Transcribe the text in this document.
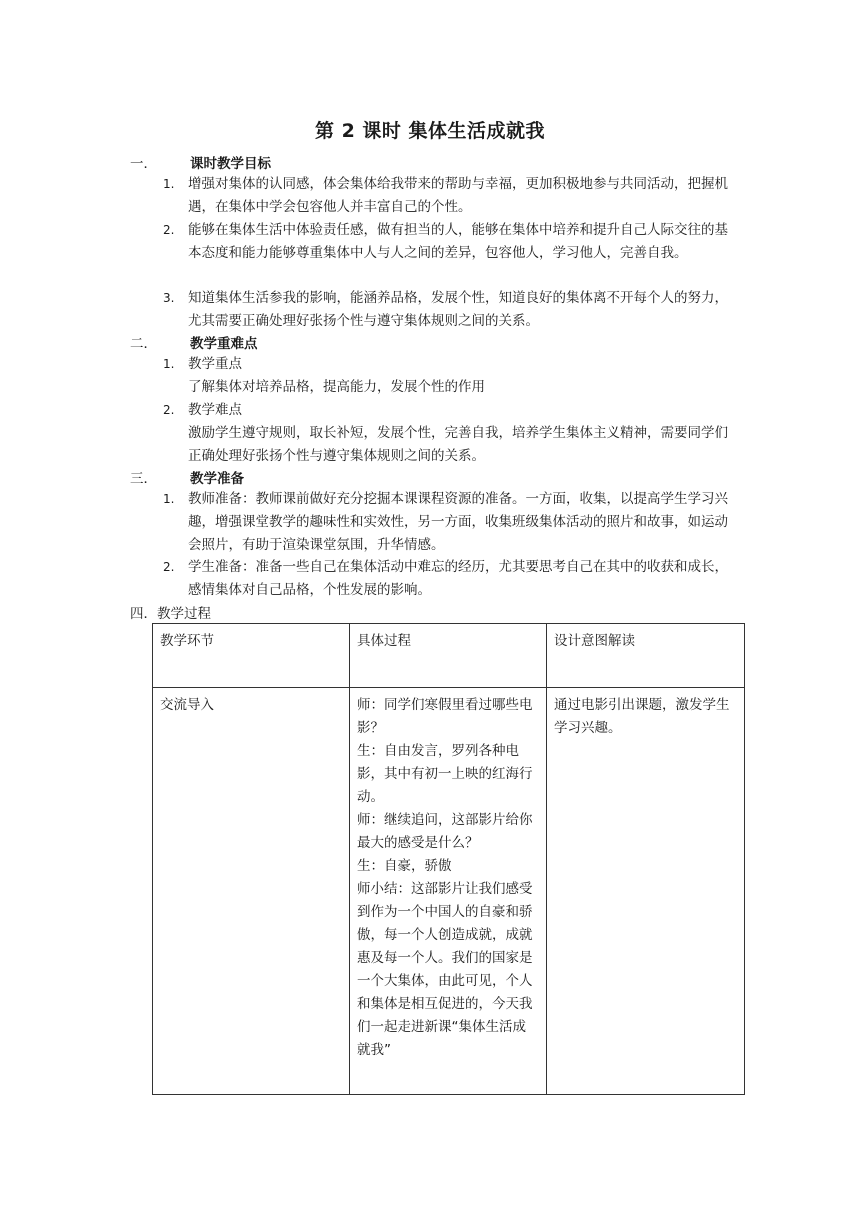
第 2 课时 集体生活成就我
一． 课时教学目标
1. 增强对集体的认同感，体会集体给我带来的帮助与幸福，更加积极地参与共同活动，把握机遇，在集体中学会包容他人并丰富自己的个性。
2. 能够在集体生活中体验责任感，做有担当的人，能够在集体中培养和提升自己人际交往的基本态度和能力能够尊重集体中人与人之间的差异，包容他人，学习他人，完善自我。
3. 知道集体生活参我的影响，能涵养品格，发展个性，知道良好的集体离不开每个人的努力，尤其需要正确处理好张扬个性与遵守集体规则之间的关系。
二． 教学重难点
1. 教学重点
了解集体对培养品格，提高能力，发展个性的作用
2. 教学难点
激励学生遵守规则，取长补短，发展个性，完善自我，培养学生集体主义精神，需要同学们正确处理好张扬个性与遵守集体规则之间的关系。
三． 教学准备
1. 教师准备：教师课前做好充分挖掘本课课程资源的准备。一方面，收集，以提高学生学习兴趣，增强课堂教学的趣味性和实效性，另一方面，收集班级集体活动的照片和故事，如运动会照片，有助于渲染课堂氛围，升华情感。
2. 学生准备：准备一些自己在集体活动中难忘的经历，尤其要思考自己在其中的收获和成长，感情集体对自己品格，个性发展的影响。
四．教学过程
教学环节	具体过程	设计意图解读
交流导入	师：同学们寒假里看过哪些电影？
生：自由发言，罗列各种电影，其中有初一上映的红海行动。
师：继续追问，这部影片给你最大的感受是什么？
生：自豪，骄傲
师小结：这部影片让我们感受到作为一个中国人的自豪和骄傲，每一个人创造成就，成就惠及每一个人。我们的国家是一个大集体，由此可见，个人和集体是相互促进的，今天我们一起走进新课“集体生活成就我”	通过电影引出课题，激发学生学习兴趣。
